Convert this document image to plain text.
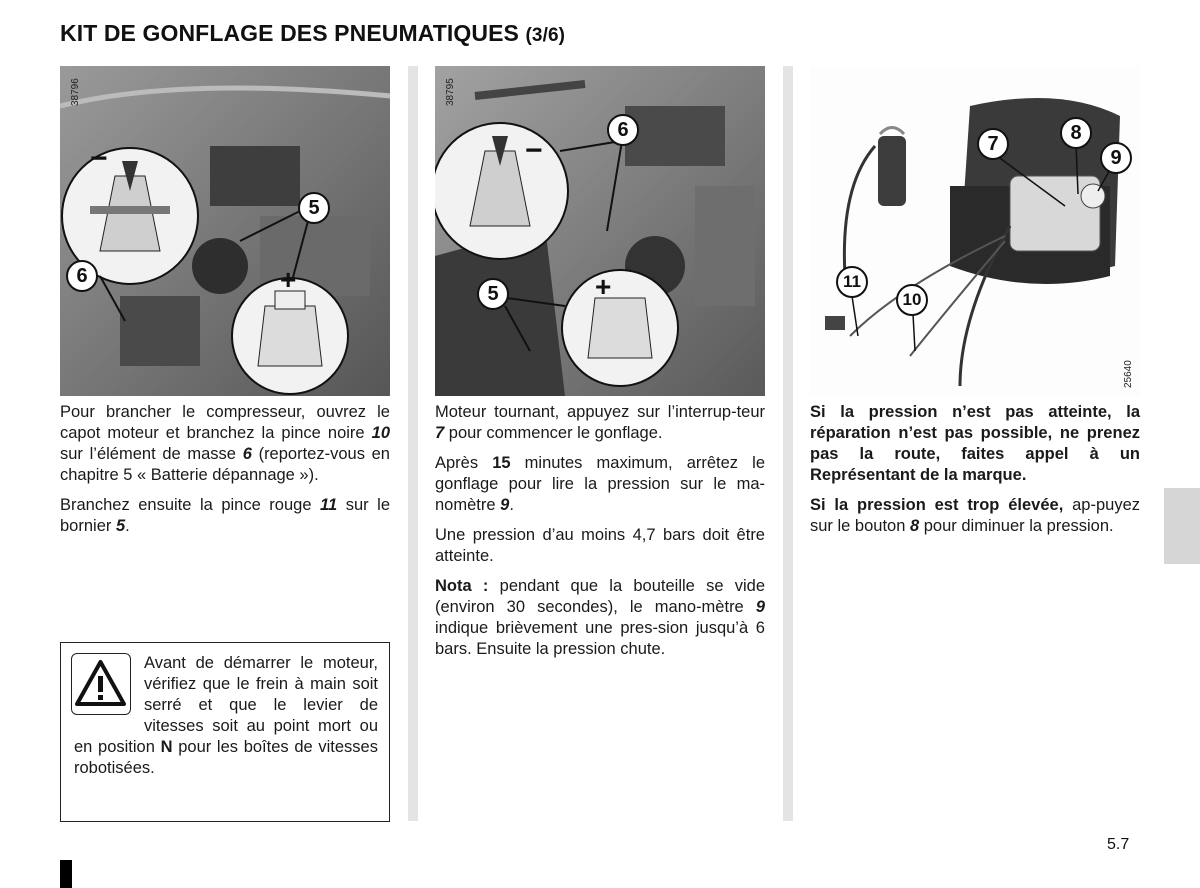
KIT DE GONFLAGE DES PNEUMATIQUES (3/6)
38796
−
+
5
6
38795
−
+
6
5
25640
7	8
9
11
10

Pour brancher le compresseur, ouvrez le capot moteur et branchez la pince noire 10 sur l’élément de masse 6 (reportez-vous en chapitre 5 « Batterie dépannage »).

Branchez ensuite la pince rouge 11 sur le bornier 5.

Avant de démarrer le moteur, vérifiez que le frein à main soit serré et que le levier de vitesses soit au point mort ou en position N pour les boîtes de vitesses robotisées.

Moteur tournant, appuyez sur l’interrup-teur 7 pour commencer le gonflage.

Après 15 minutes maximum, arrêtez le gonflage pour lire la pression sur le ma-nomètre 9.

Une pression d’au moins 4,7 bars doit être atteinte.

Nota : pendant que la bouteille se vide (environ 30 secondes), le mano-mètre 9 indique brièvement une pres-sion jusqu’à 6 bars. Ensuite la pression chute.

Si la pression n’est pas atteinte, la réparation n’est pas possible, ne prenez pas la route, faites appel à un Représentant de la marque.

Si la pression est trop élevée, ap-puyez sur le bouton 8 pour diminuer la pression.

5.7
